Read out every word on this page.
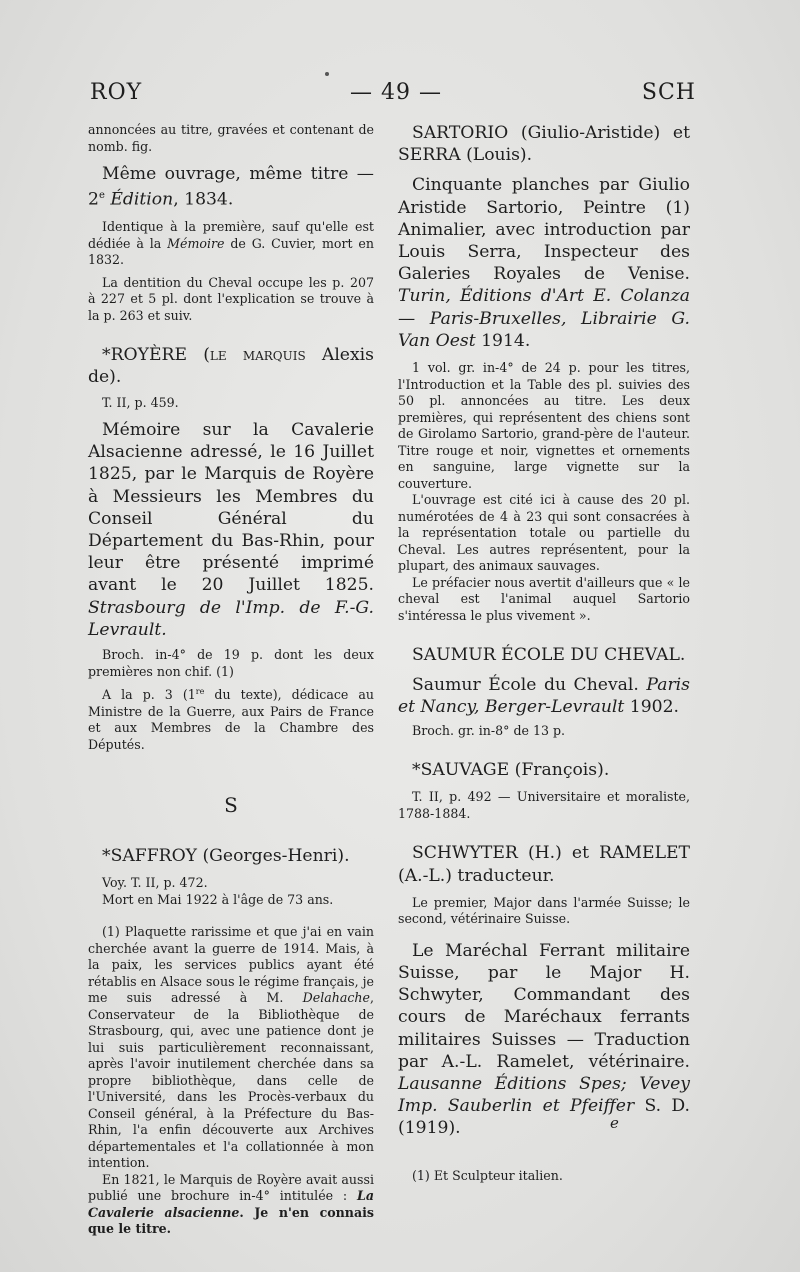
ROY	— 49 —	SCH

annoncées au titre, gravées et contenant de nomb. fig.

Même ouvrage, même titre — 2e Édition, 1834.

Identique à la première, sauf qu'elle est dédiée à la Mémoire de G. Cuvier, mort en 1832.

La dentition du Cheval occupe les p. 207 à 227 et 5 pl. dont l'explication se trouve à la p. 263 et suiv.

*ROYÈRE (le marquis Alexis de).

T. II, p. 459.

Mémoire sur la Cavalerie Alsacienne adressé, le 16 Juillet 1825, par le Marquis de Royère à Messieurs les Membres du Conseil Général du Département du Bas-Rhin, pour leur être présenté imprimé avant le 20 Juillet 1825. Strasbourg de l'Imp. de F.-G. Levrault.

Broch. in-4° de 19 p. dont les deux premières non chif. (1)

A la p. 3 (1re du texte), dédicace au Ministre de la Guerre, aux Pairs de France et aux Membres de la Chambre des Députés.

S

*SAFFROY (Georges-Henri).

Voy. T. II, p. 472.

Mort en Mai 1922 à l'âge de 73 ans.

(1) Plaquette rarissime et que j'ai en vain cherchée avant la guerre de 1914. Mais, à la paix, les services publics ayant été rétablis en Alsace sous le régime français, je me suis adressé à M. Delahache, Conservateur de la Bibliothèque de Strasbourg, qui, avec une patience dont je lui suis particulièrement reconnaissant, après l'avoir inutilement cherchée dans sa propre bibliothèque, dans celle de l'Université, dans les Procès-verbaux du Conseil général, à la Préfecture du Bas-Rhin, l'a enfin découverte aux Archives départementales et l'a collationnée à mon intention.

En 1821, le Marquis de Royère avait aussi publié une brochure in-4° intitulée : La Cavalerie alsacienne. Je n'en connais que le titre.

SARTORIO (Giulio-Aristide) et SERRA (Louis).

Cinquante planches par Giulio Aristide Sartorio, Peintre (1) Animalier, avec introduction par Louis Serra, Inspecteur des Galeries Royales de Venise. Turin, Éditions d'Art E. Colanza — Paris-Bruxelles, Librairie G. Van Oest 1914.

1 vol. gr. in-4° de 24 p. pour les titres, l'Introduction et la Table des pl. suivies des 50 pl. annoncées au titre. Les deux premières, qui représentent des chiens sont de Girolamo Sartorio, grand-père de l'auteur. Titre rouge et noir, vignettes et ornements en sanguine, large vignette sur la couverture.

L'ouvrage est cité ici à cause des 20 pl. numérotées de 4 à 23 qui sont consacrées à la représentation totale ou partielle du Cheval. Les autres représentent, pour la plupart, des animaux sauvages.

Le préfacier nous avertit d'ailleurs que « le cheval est l'animal auquel Sartorio s'intéressa le plus vivement ».

SAUMUR ÉCOLE DU CHEVAL.

Saumur École du Cheval. Paris et Nancy, Berger-Levrault 1902.

Broch. gr. in-8° de 13 p.

*SAUVAGE (François).

T. II, p. 492 — Universitaire et moraliste, 1788-1884.

SCHWYTER (H.) et RAMELET (A.-L.) traducteur.

Le premier, Major dans l'armée Suisse; le second, vétérinaire Suisse.

Le Maréchal Ferrant militaire Suisse, par le Major H. Schwyter, Commandant des cours de Maréchaux ferrants militaires Suisses — Traduction par A.-L. Ramelet, vétérinaire. Lausanne Éditions Spes; Vevey Imp. Sauberlin et Pfeiffer S. D. (1919).

(1) Et Sculpteur italien.

e
